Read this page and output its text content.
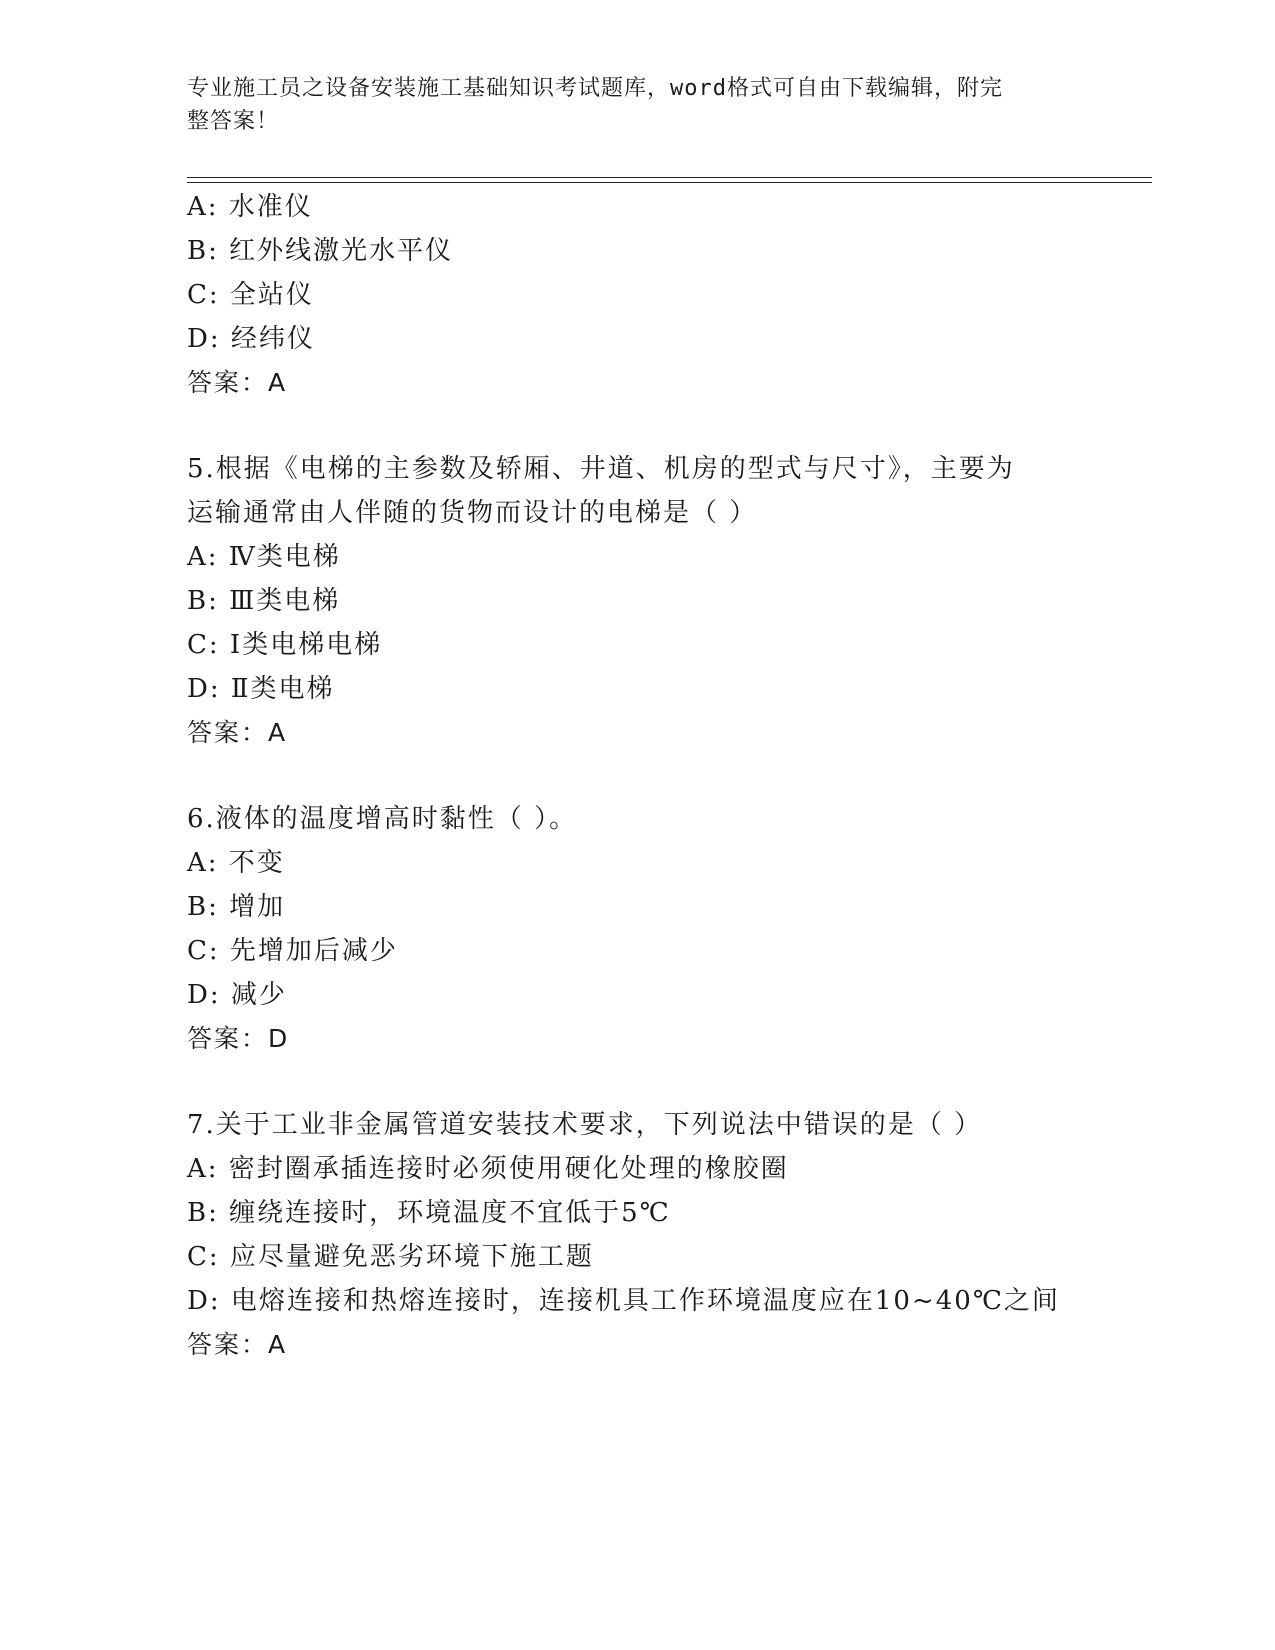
专业施工员之设备安装施工基础知识考试题库，word格式可自由下载编辑，附完
整答案！
A: 水准仪
B: 红外线激光水平仪
C: 全站仪
D: 经纬仪
答案：A
5.根据《电梯的主参数及轿厢、井道、机房的型式与尺寸》，主要为
运输通常由人伴随的货物而设计的电梯是（ ）
A: Ⅳ类电梯
B: Ⅲ类电梯
C: Ⅰ类电梯电梯
D: Ⅱ类电梯
答案：A
6.液体的温度增高时黏性（ ）。
A: 不变
B: 增加
C: 先增加后减少
D: 减少
答案：D
7.关于工业非金属管道安装技术要求，下列说法中错误的是（ ）
A: 密封圈承插连接时必须使用硬化处理的橡胶圈
B: 缠绕连接时，环境温度不宜低于5℃
C: 应尽量避免恶劣环境下施工题
D: 电熔连接和热熔连接时，连接机具工作环境温度应在10~40℃之间
答案：A
